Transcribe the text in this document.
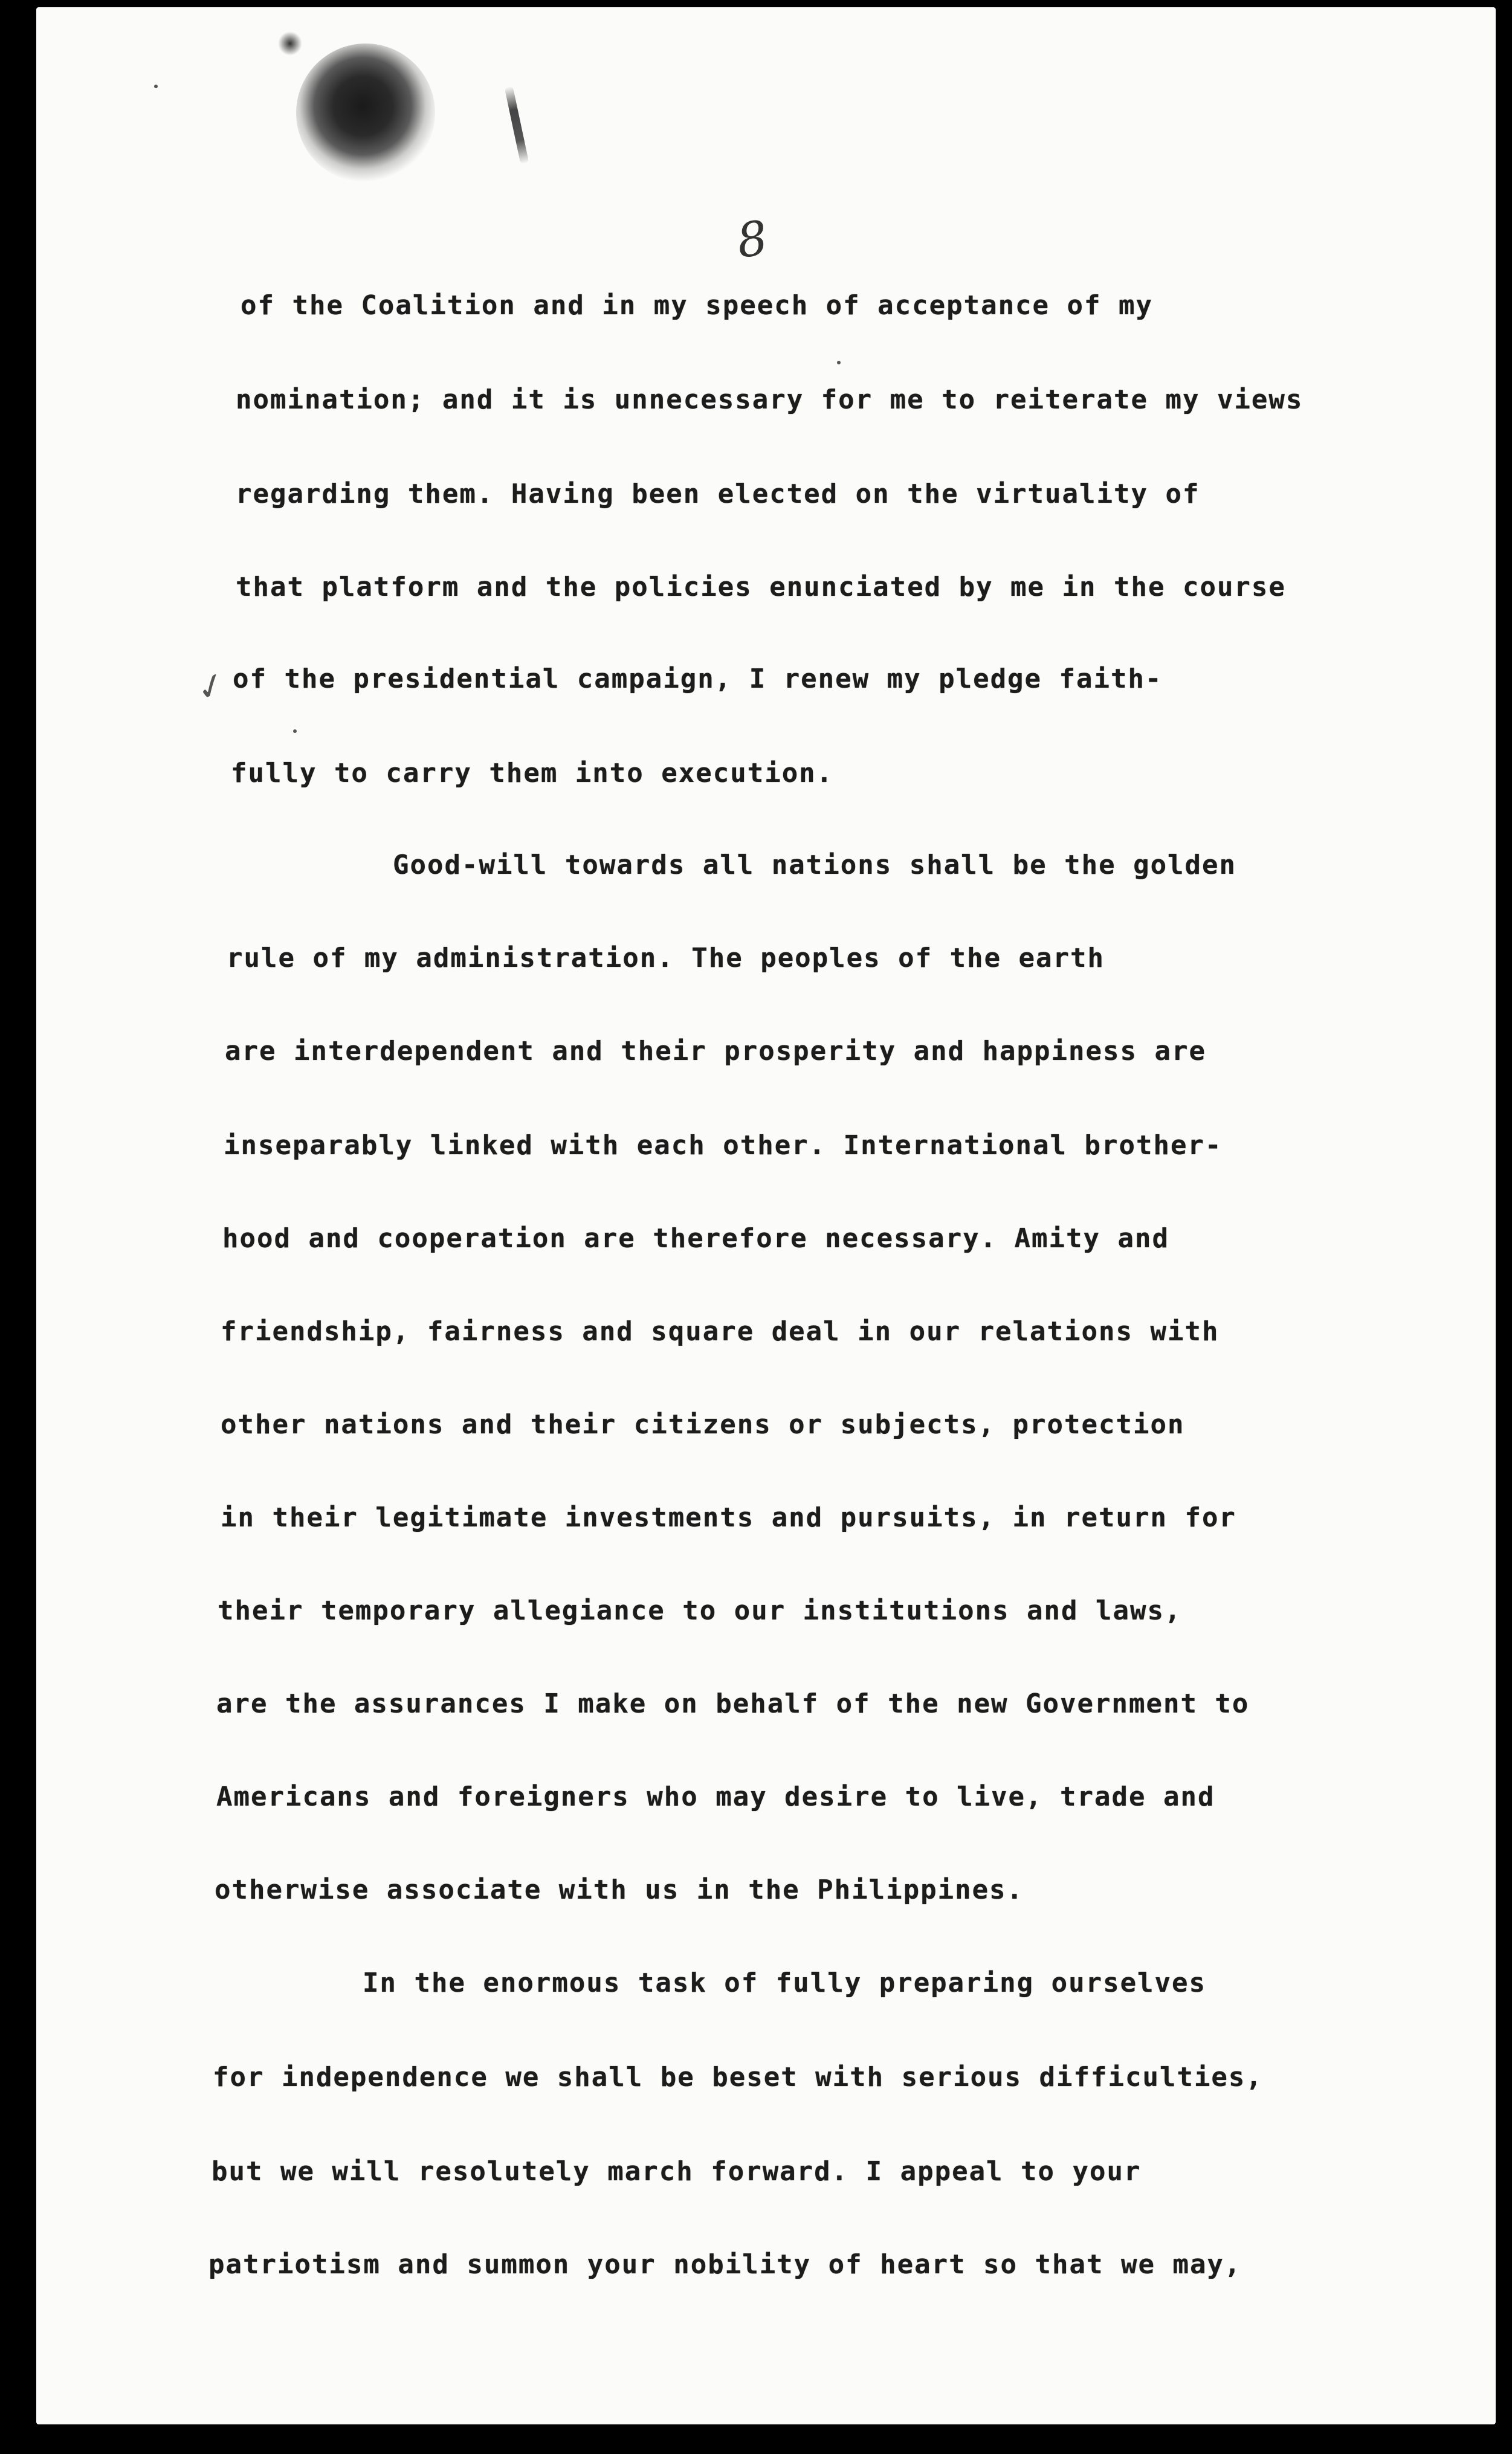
8
✓
of the Coalition and in my speech of acceptance of my
nomination; and it is unnecessary for me to reiterate my views
regarding them. Having been elected on the virtuality of
that platform and the policies enunciated by me in the course
of the presidential campaign, I renew my pledge faith-
fully to carry them into execution.
Good-will towards all nations shall be the golden
rule of my administration. The peoples of the earth
are interdependent and their prosperity and happiness are
inseparably linked with each other. International brother-
hood and cooperation are therefore necessary. Amity and
friendship, fairness and square deal in our relations with
other nations and their citizens or subjects, protection
in their legitimate investments and pursuits, in return for
their temporary allegiance to our institutions and laws,
are the assurances I make on behalf of the new Government to
Americans and foreigners who may desire to live, trade and
otherwise associate with us in the Philippines.
In the enormous task of fully preparing ourselves
for independence we shall be beset with serious difficulties,
but we will resolutely march forward. I appeal to your
patriotism and summon your nobility of heart so that we may,
